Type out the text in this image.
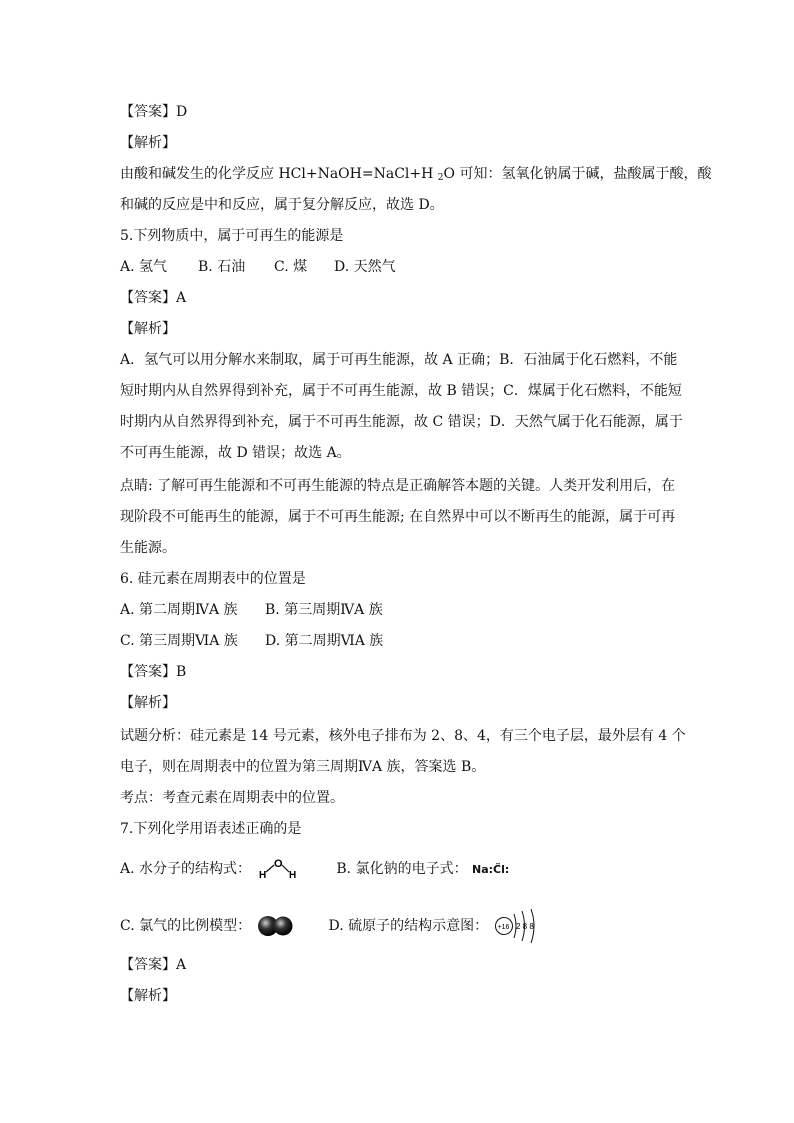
【答案】D
【解析】
由酸和碱发生的化学反应 HCl+NaOH=NaCl+H $_2$O 可知：氢氧化钠属于碱，盐酸属于酸，酸
和碱的反应是中和反应，属于复分解反应，故选 D。
5.下列物质中，属于可再生的能源是
A. 氢气 B. 石油 C. 煤 D. 天然气
【答案】A
【解析】
A．氢气可以用分解水来制取，属于可再生能源，故 A 正确；B．石油属于化石燃料，不能
短时期内从自然界得到补充，属于不可再生能源，故 B 错误；C．煤属于化石燃料，不能短
时期内从自然界得到补充，属于不可再生能源，故 C 错误；D．天然气属于化石能源，属于
不可再生能源，故 D 错误；故选 A。
点睛: 了解可再生能源和不可再生能源的特点是正确解答本题的关键。人类开发利用后，在
现阶段不可能再生的能源，属于不可再生能源; 在自然界中可以不断再生的能源，属于可再
生能源。
6. 硅元素在周期表中的位置是
A. 第二周期ⅣA 族 B. 第三周期ⅣA 族
C. 第三周期ⅥA 族 D. 第二周期ⅥA 族
【答案】B
【解析】
试题分析：硅元素是 14 号元素，核外电子排布为 2、8、4，有三个电子层，最外层有 4 个
电子，则在周期表中的位置为第三周期ⅣA 族，答案选 B。
考点：考查元素在周期表中的位置。
7.下列化学用语表述正确的是
A. 水分子的结构式： O
H H	B. 氯化钠的电子式： Na:C̈l:
C. 氯气的比例模型：	D. 硫原子的结构示意图： +16 2 8 8
【答案】A
【解析】
